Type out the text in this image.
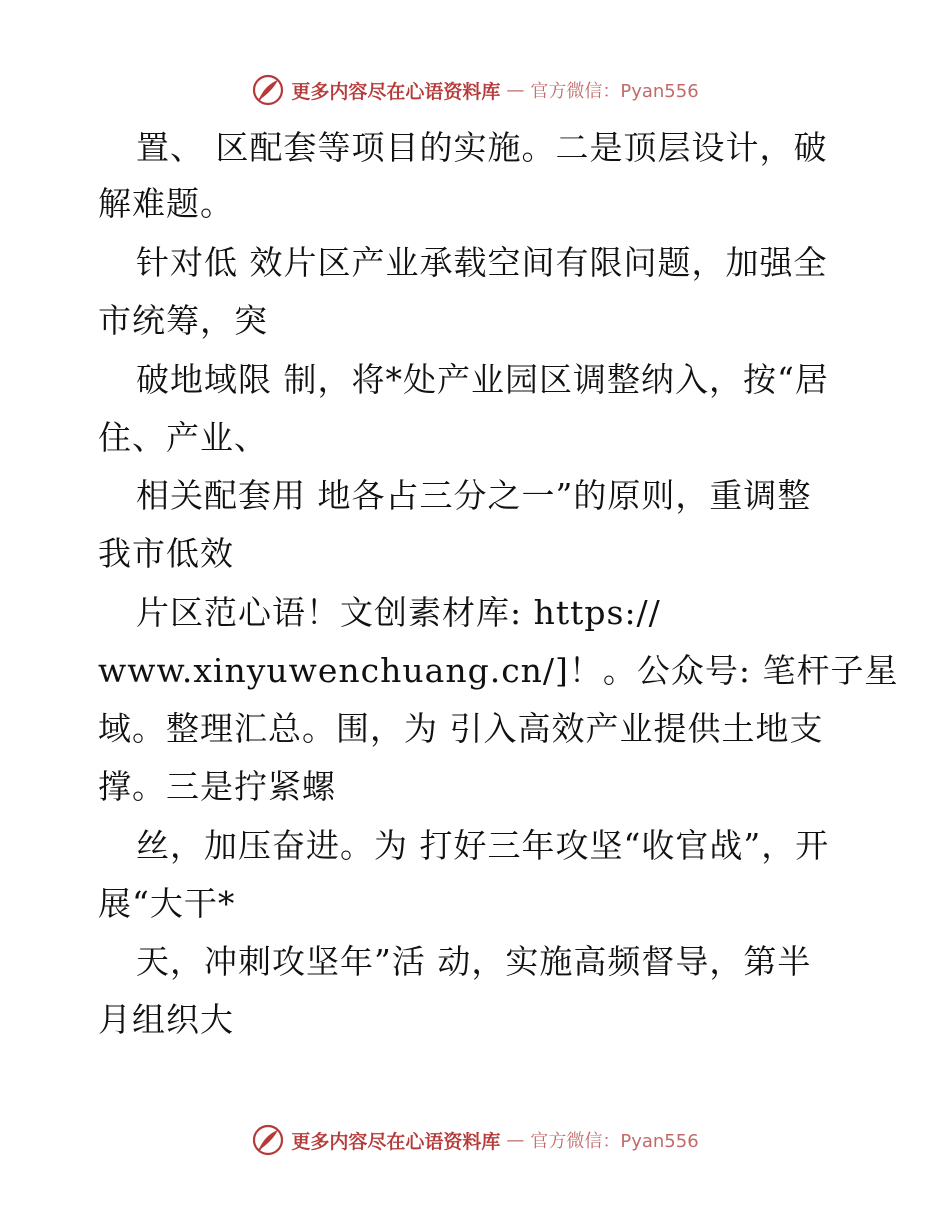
更多内容尽在心语资料库 — 官方微信：Pyan556
置、 区配套等项目的实施。二是顶层设计，破
解难题。
针对低 效片区产业承载空间有限问题，加强全
市统筹，突
破地域限 制，将*处产业园区调整纳入，按“居
住、产业、
相关配套用 地各占三分之一”的原则，重调整
我市低效
片区范心语！文创素材库: https://
www.xinyuwenchuang.cn/]！。公众号: 笔杆子星
域。整理汇总。围，为 引入高效产业提供土地支
撑。三是拧紧螺
丝，加压奋进。为 打好三年攻坚“收官战”，开
展“大干*
天，冲刺攻坚年”活 动，实施高频督导，第半
月组织大
更多内容尽在心语资料库 — 官方微信：Pyan556
